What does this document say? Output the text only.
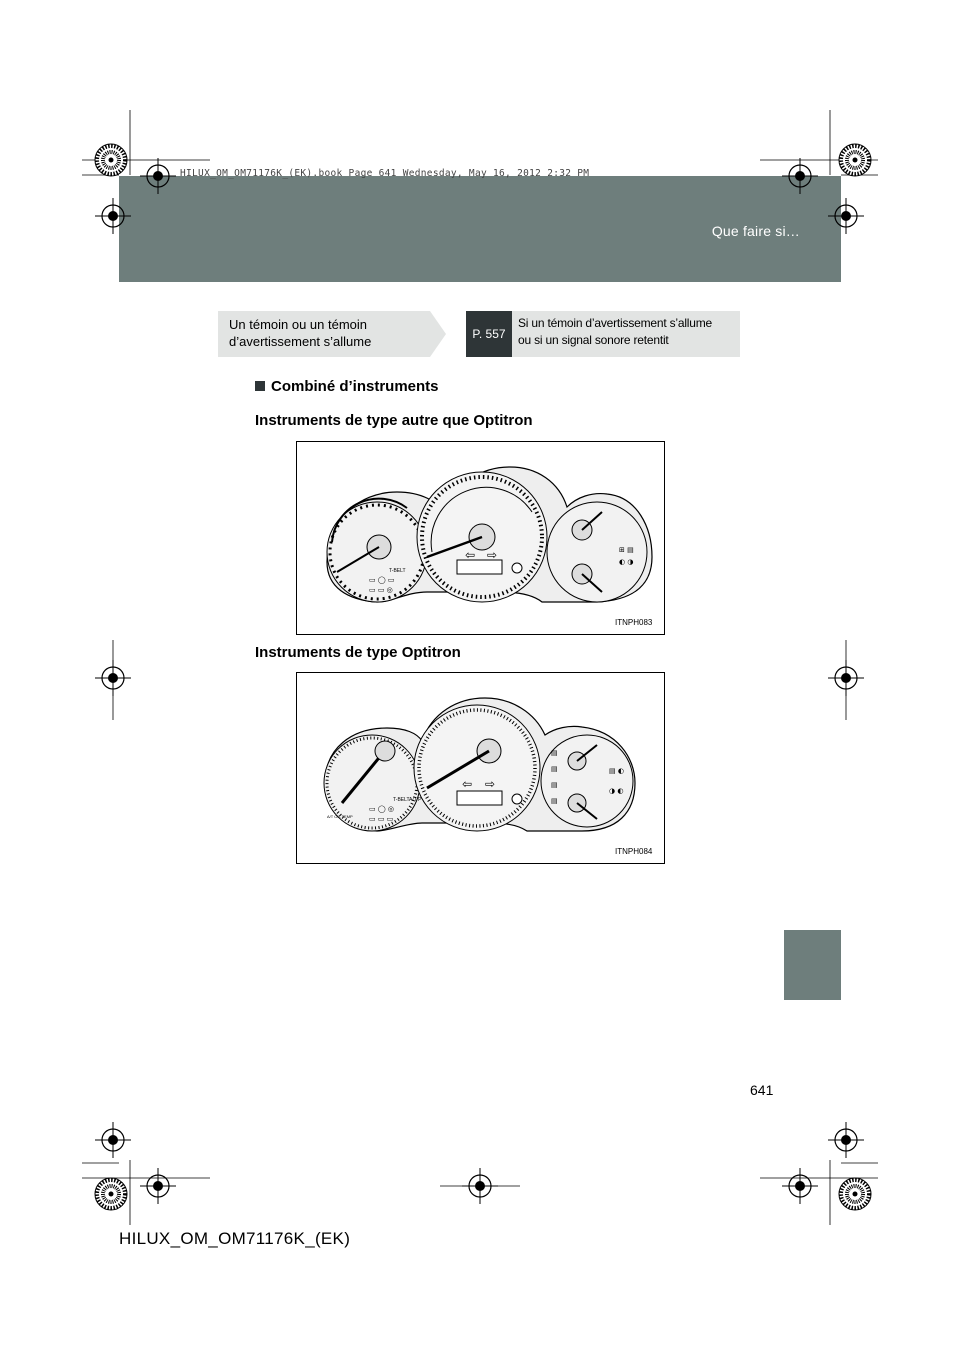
Que faire si…
HILUX_OM_OM71176K_(EK).book Page 641 Wednesday, May 16, 2012 2:32 PM
Un témoin ou un témoin
d’avertissement s’allume	P. 557
Si un témoin d’avertissement s’allume
ou si un signal sonore retentit
Combiné d’instruments
Instruments de type autre que Optitron
⇦ ⇨
T-BELT
▭ ◯ ▭
▭ ▭ ◎
⊞ ▤
◐ ◑
ITNPH083
Instruments de type Optitron
⇦ ⇨
T-BELT A/T P
A/T OIL TEMP
▭ ◯ ◎
▭ ▭ ▭
▤
▤
▤
▤
▤ ◐
◑ ◐
ITNPH084
641
HILUX_OM_OM71176K_(EK)
